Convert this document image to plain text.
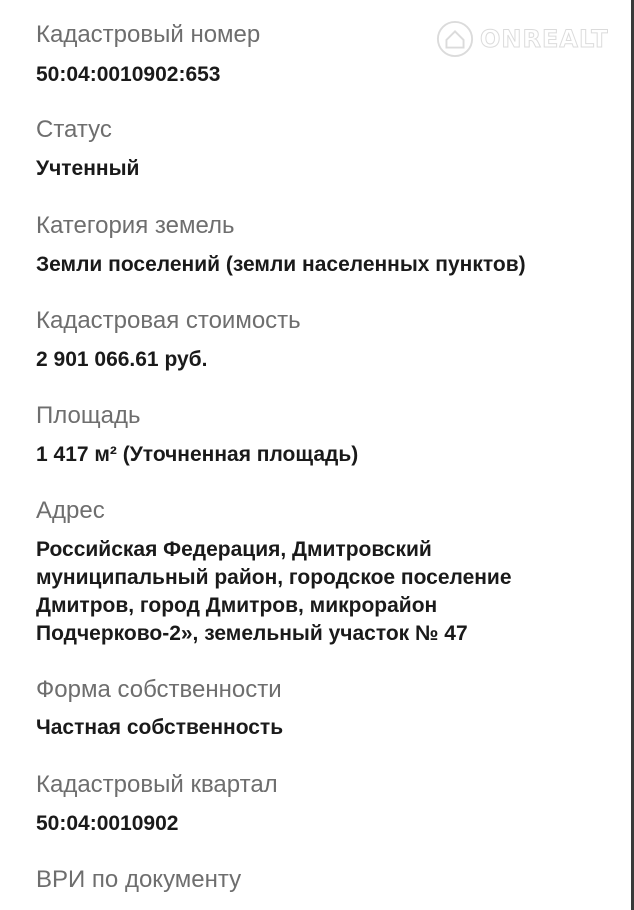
ONREALT
Кадастровый номер
50:04:0010902:653
Статус
Учтенный
Категория земель
Земли поселений (земли населенных пунктов)
Кадастровая стоимость
2 901 066.61 руб.
Площадь
1 417 м² (Уточненная площадь)
Адрес
Российская Федерация, Дмитровский
муниципальный район, городское поселение
Дмитров, город Дмитров, микрорайон
Подчерково-2», земельный участок № 47
Форма собственности
Частная собственность
Кадастровый квартал
50:04:0010902
ВРИ по документу
